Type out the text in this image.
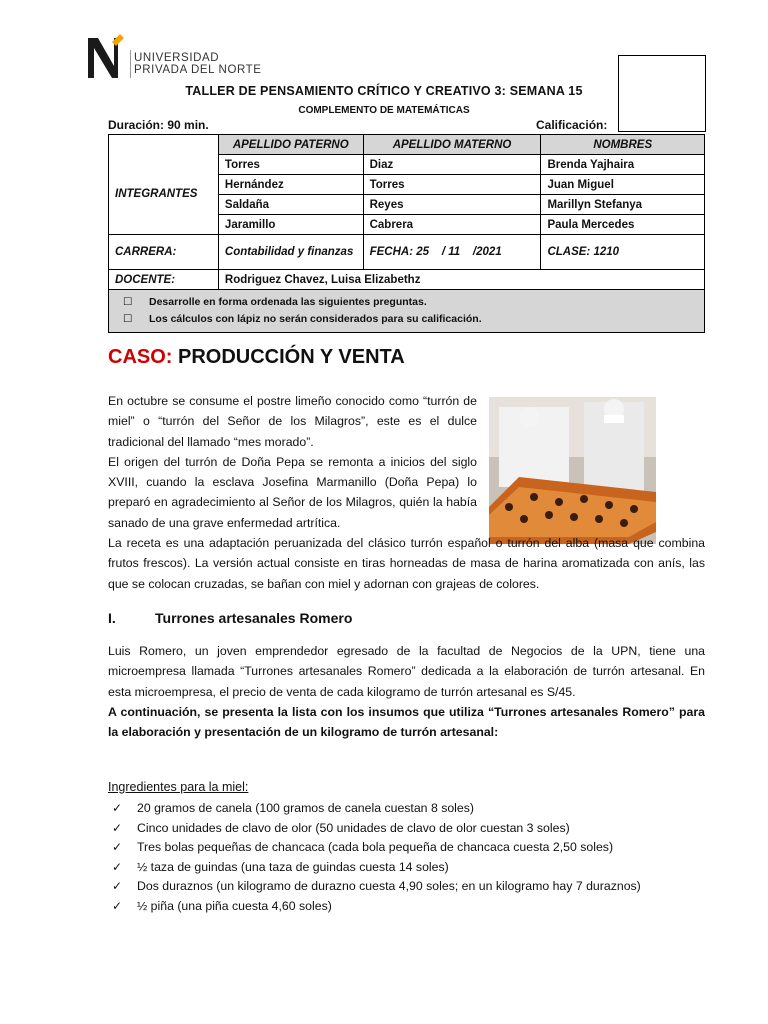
UNIVERSIDAD
PRIVADA DEL NORTE
TALLER DE PENSAMIENTO CRÍTICO Y CREATIVO 3: SEMANA 15
COMPLEMENTO DE MATEMÁTICAS
Duración: 90 min.	Calificación:
	APELLIDO PATERNO	APELLIDO MATERNO	NOMBRES
INTEGRANTES	Torres	Diaz	Brenda Yajhaira
	Hernández	Torres	Juan Miguel
	Saldaña	Reyes	Marillyn Stefanya
	Jaramillo	Cabrera	Paula Mercedes
CARRERA:	Contabilidad y finanzas	FECHA: 25    / 11    /2021	CLASE: 1210
DOCENTE:	Rodriguez Chavez, Luisa Elizabethz		

☐ Desarrolle en forma ordenada las siguientes preguntas.
☐ Los cálculos con lápiz no serán considerados para su calificación.			
CASO: PRODUCCIÓN Y VENTA
En octubre se consume el postre limeño conocido como “turrón de miel” o “turrón del Señor de los Milagros”, este es el dulce tradicional del llamado “mes morado”.
El origen del turrón de Doña Pepa se remonta a inicios del siglo XVIII, cuando la esclava Josefina Marmanillo (Doña Pepa) lo preparó en agradecimiento al Señor de los Milagros, quién la había sanado de una grave enfermedad artrítica.
La receta es una adaptación peruanizada del clásico turrón español o turrón del alba (masa que combina frutos frescos). La versión actual consiste en tiras horneadas de masa de harina aromatizada con anís, las que se colocan cruzadas, se bañan con miel y adornan con grajeas de colores.
I.	Turrones artesanales Romero
Luis Romero, un joven emprendedor egresado de la facultad de Negocios de la UPN, tiene una microempresa llamada “Turrones artesanales Romero” dedicada a la elaboración de turrón artesanal. En esta microempresa, el precio de venta de cada kilogramo de turrón artesanal es S/45.
A continuación, se presenta la lista con los insumos que utiliza “Turrones artesanales Romero” para la elaboración y presentación de un kilogramo de turrón artesanal:
Ingredientes para la miel:
✓ 20 gramos de canela (100 gramos de canela cuestan 8 soles)
✓ Cinco unidades de clavo de olor (50 unidades de clavo de olor cuestan 3 soles)
✓ Tres bolas pequeñas de chancaca (cada bola pequeña de chancaca cuesta 2,50 soles)
✓ ½ taza de guindas (una taza de guindas cuesta 14 soles)
✓ Dos duraznos (un kilogramo de durazno cuesta 4,90 soles; en un kilogramo hay 7 duraznos)
✓ ½ piña (una piña cuesta 4,60 soles)
